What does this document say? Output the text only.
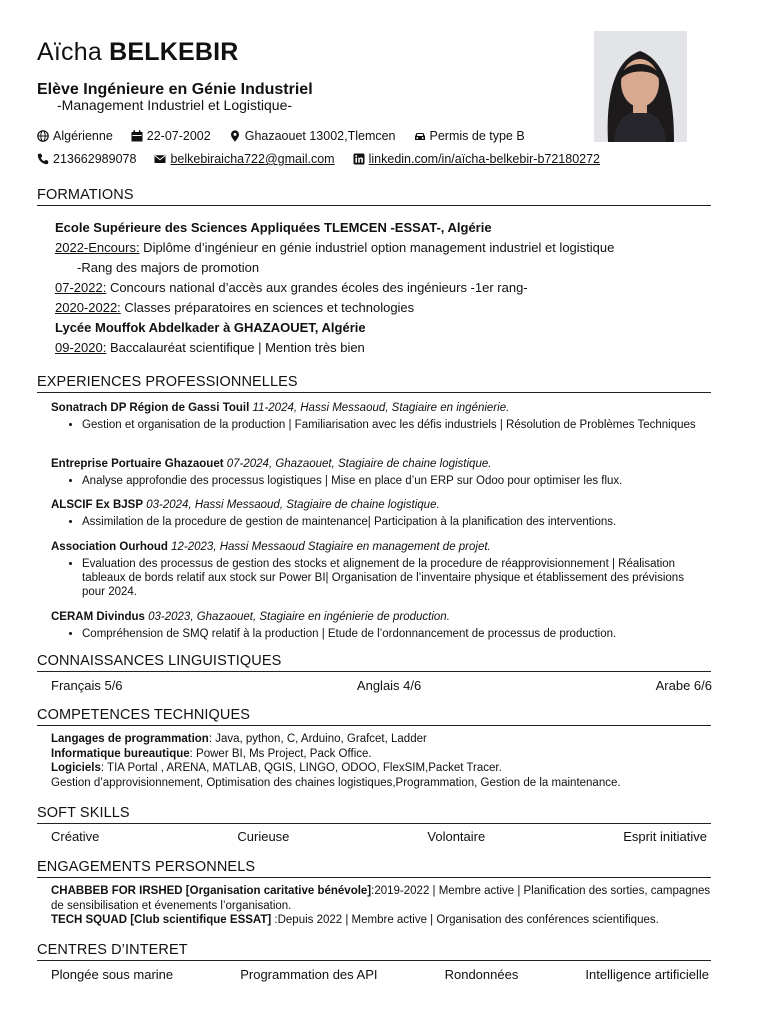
Aïcha BELKEBIR
Elève Ingénieure en Génie Industriel
-Management Industriel et Logistique-
Algérienne	22-07-2002	Ghazaouet 13002,Tlemcen	Permis de type B
213662989078	belkebiraicha722@gmail.com	linkedin.com/in/aïcha-belkebir-b72180272
FORMATIONS
Ecole Supérieure des Sciences Appliquées TLEMCEN -ESSAT-, Algérie
2022-Encours: Diplôme d’ingénieur en génie industriel option management industriel et logistique
-Rang des majors de promotion
07-2022: Concours national d’accès aux grandes écoles des ingénieurs -1er rang-
2020-2022: Classes préparatoires en sciences et technologies
Lycée Mouffok Abdelkader à GHAZAOUET, Algérie
09-2020: Baccalauréat scientifique | Mention très bien
EXPERIENCES PROFESSIONNELLES
Sonatrach DP Région de Gassi Touil 11-2024, Hassi Messaoud, Stagiaire en ingénierie.
• Gestion et organisation de la production | Familiarisation avec les défis industriels | Résolution de Problèmes Techniques
Entreprise Portuaire Ghazaouet 07-2024, Ghazaouet, Stagiaire de chaine logistique.
• Analyse approfondie des processus logistiques | Mise en place d’un ERP sur Odoo pour optimiser les flux.
ALSCIF Ex BJSP 03-2024, Hassi Messaoud, Stagiaire de chaine logistique.
• Assimilation de la procedure de gestion de maintenance| Participation à la planification des interventions.
Association Ourhoud 12-2023, Hassi Messaoud Stagiaire en management de projet.
• Evaluation des processus de gestion des stocks et alignement de la procedure de réapprovisionnement | Réalisation tableaux de bords relatif aux stock sur Power BI| Organisation de l’inventaire physique et établissement des prévisions pour 2024.
CERAM Divindus 03-2023, Ghazaouet, Stagiaire en ingénierie de production.
• Compréhension de SMQ relatif à la production | Etude de l’ordonnancement de processus de production.
CONNAISSANCES LINGUISTIQUES
Français 5/6	Anglais 4/6	Arabe 6/6
COMPETENCES TECHNIQUES
Langages de programmation: Java, python, C, Arduino, Grafcet, Ladder
Informatique bureautique: Power BI, Ms Project, Pack Office.
Logiciels: TIA Portal , ARENA, MATLAB, QGIS, LINGO, ODOO, FlexSIM,Packet Tracer.
Gestion d’approvisionnement, Optimisation des chaines logistiques,Programmation, Gestion de la maintenance.
SOFT SKILLS
Créative	Curieuse	Volontaire	Esprit initiative
ENGAGEMENTS PERSONNELS
CHABBEB FOR IRSHED [Organisation caritative bénévole]:2019-2022 | Membre active | Planification des sorties, campagnes de sensibilisation et évenements l’organisation.
TECH SQUAD [Club scientifique ESSAT] :Depuis 2022 | Membre active | Organisation des conférences scientifiques.
CENTRES D’INTERET
Plongée sous marine	Programmation des API	Rondonnées	Intelligence artificielle
